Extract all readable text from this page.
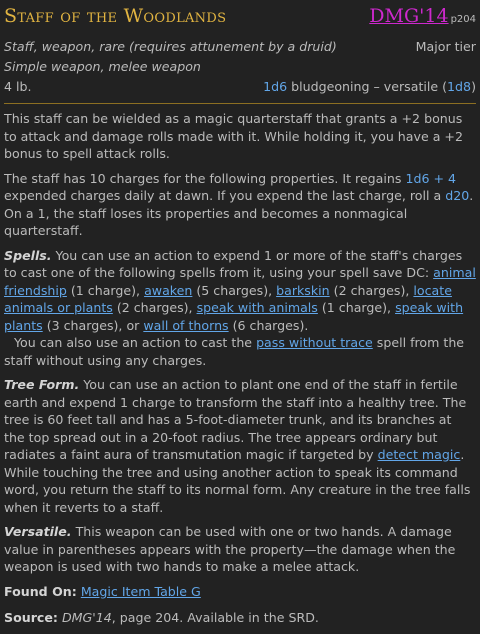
Staff of the Woodlands	DMG'14 p204
Staff, weapon, rare (requires attunement by a druid)	Major tier
Simple weapon, melee weapon
4 lb.	1d6 bludgeoning – versatile (1d8)

This staff can be wielded as a magic quarterstaff that grants a +2 bonus to attack and damage rolls made with it. While holding it, you have a +2 bonus to spell attack rolls.

The staff has 10 charges for the following properties. It regains 1d6 + 4 expended charges daily at dawn. If you expend the last charge, roll a d20. On a 1, the staff loses its properties and becomes a nonmagical quarterstaff.

Spells. You can use an action to expend 1 or more of the staff's charges to cast one of the following spells from it, using your spell save DC: animal friendship (1 charge), awaken (5 charges), barkskin (2 charges), locate animals or plants (2 charges), speak with animals (1 charge), speak with plants (3 charges), or wall of thorns (6 charges).

You can also use an action to cast the pass without trace spell from the staff without using any charges.

Tree Form. You can use an action to plant one end of the staff in fertile earth and expend 1 charge to transform the staff into a healthy tree. The tree is 60 feet tall and has a 5-foot-diameter trunk, and its branches at the top spread out in a 20-foot radius. The tree appears ordinary but radiates a faint aura of transmutation magic if targeted by detect magic. While touching the tree and using another action to speak its command word, you return the staff to its normal form. Any creature in the tree falls when it reverts to a staff.

Versatile. This weapon can be used with one or two hands. A damage value in parentheses appears with the property—the damage when the weapon is used with two hands to make a melee attack.

Found On: Magic Item Table G

Source: DMG'14, page 204. Available in the SRD.
